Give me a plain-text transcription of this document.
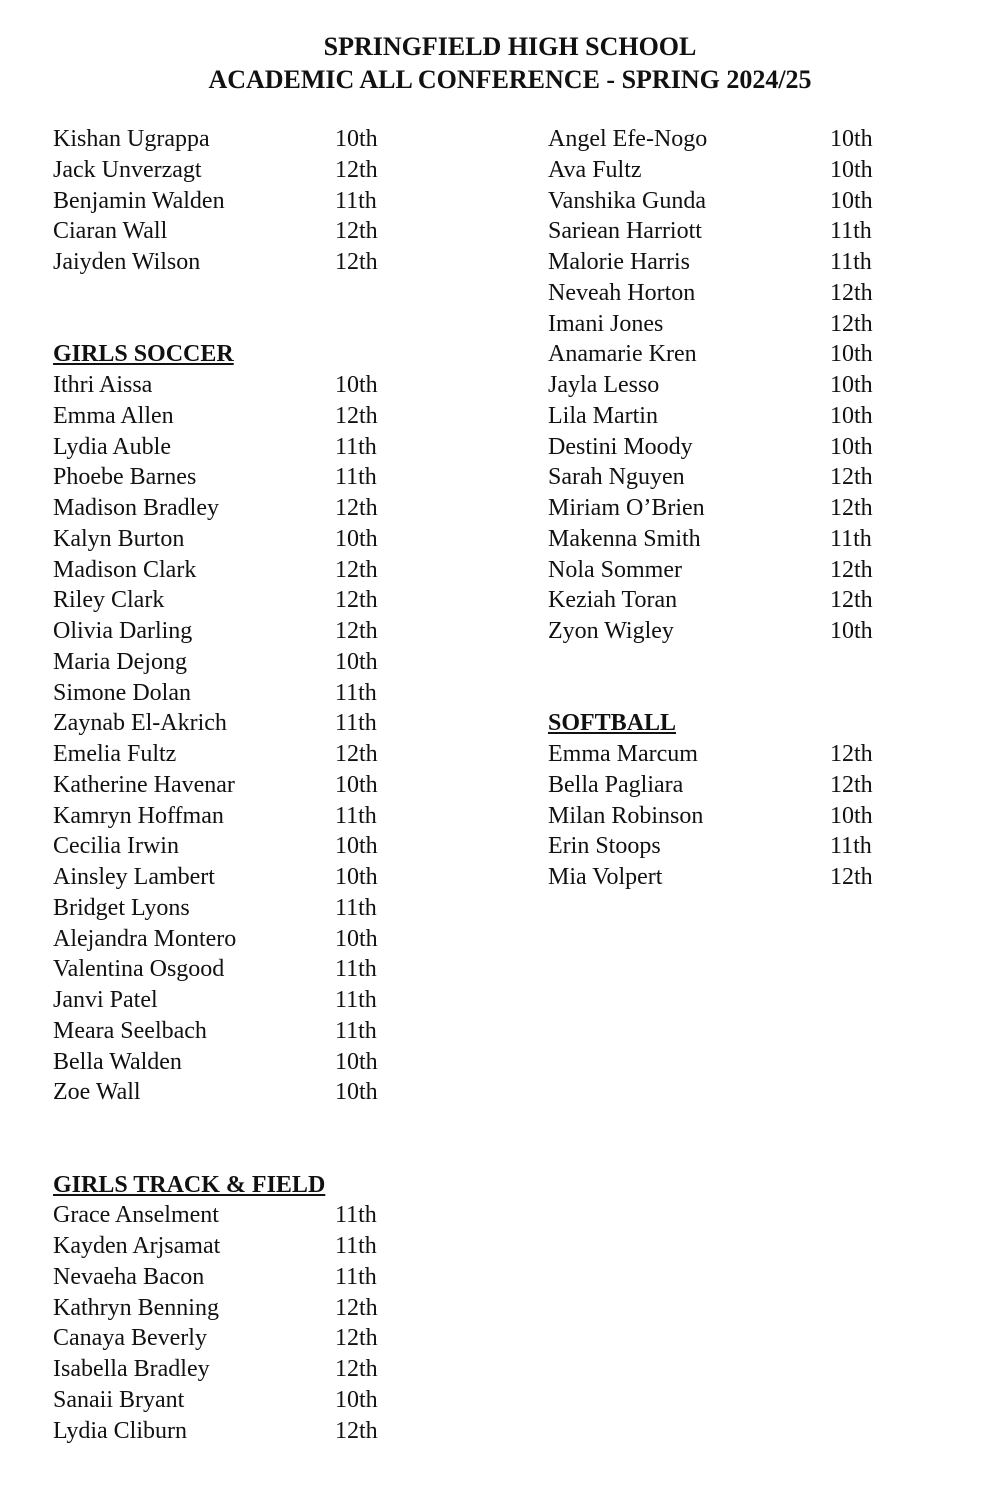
SPRINGFIELD HIGH SCHOOL
ACADEMIC ALL CONFERENCE - SPRING 2024/25
Kishan Ugrappa	10th
Jack Unverzagt	12th
Benjamin Walden	11th
Ciaran Wall	12th
Jaiyden Wilson	12th
GIRLS SOCCER
Ithri Aissa	10th
Emma Allen	12th
Lydia Auble	11th
Phoebe Barnes	11th
Madison Bradley	12th
Kalyn Burton	10th
Madison Clark	12th
Riley Clark	12th
Olivia Darling	12th
Maria Dejong	10th
Simone Dolan	11th
Zaynab El-Akrich	11th
Emelia Fultz	12th
Katherine Havenar	10th
Kamryn Hoffman	11th
Cecilia Irwin	10th
Ainsley Lambert	10th
Bridget Lyons	11th
Alejandra Montero	10th
Valentina Osgood	11th
Janvi Patel	11th
Meara Seelbach	11th
Bella Walden	10th
Zoe Wall	10th
GIRLS TRACK & FIELD
Grace Anselment	11th
Kayden Arjsamat	11th
Nevaeha Bacon	11th
Kathryn Benning	12th
Canaya Beverly	12th
Isabella Bradley	12th
Sanaii Bryant	10th
Lydia Cliburn	12th
Angel Efe-Nogo	10th
Ava Fultz	10th
Vanshika Gunda	10th
Sariean Harriott	11th
Malorie Harris	11th
Neveah Horton	12th
Imani Jones	12th
Anamarie Kren	10th
Jayla Lesso	10th
Lila Martin	10th
Destini Moody	10th
Sarah Nguyen	12th
Miriam O’Brien	12th
Makenna Smith	11th
Nola Sommer	12th
Keziah Toran	12th
Zyon Wigley	10th
SOFTBALL
Emma Marcum	12th
Bella Pagliara	12th
Milan Robinson	10th
Erin Stoops	11th
Mia Volpert	12th
